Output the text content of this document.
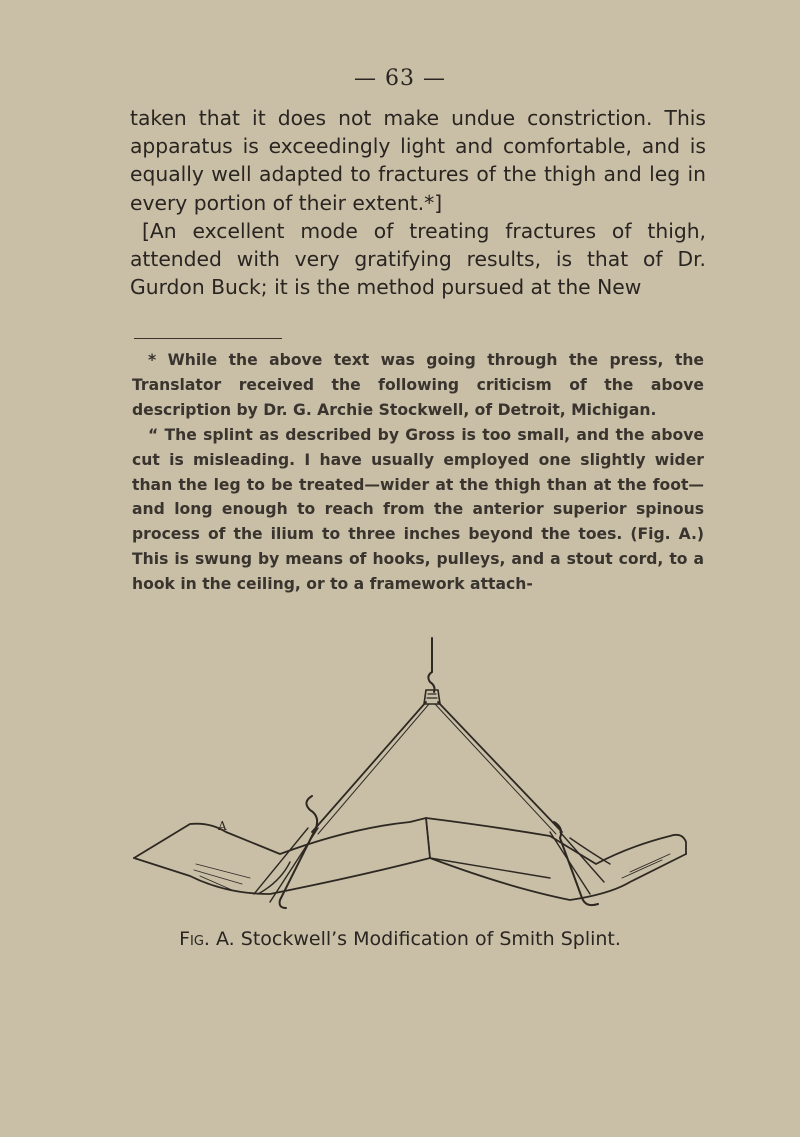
— 63 —

taken that it does not make undue constriction. This apparatus is exceedingly light and comfortable, and is equally well adapted to fractures of the thigh and leg in every portion of their extent.*]

[An excellent mode of treating fractures of thigh, attended with very gratifying results, is that of Dr. Gurdon Buck; it is the method pursued at the New

* While the above text was going through the press, the Translator received the following criticism of the above description by Dr. G. Archie Stockwell, of Detroit, Michigan.

“ The splint as described by Gross is too small, and the above cut is misleading. I have usually employed one slightly wider than the leg to be treated—wider at the thigh than at the foot—and long enough to reach from the anterior superior spinous process of the ilium to three inches beyond the toes. (Fig. A.) This is swung by means of hooks, pulleys, and a stout cord, to a hook in the ceiling, or to a framework attach-

A
Fig. A. Stockwell’s Modification of Smith Splint.
